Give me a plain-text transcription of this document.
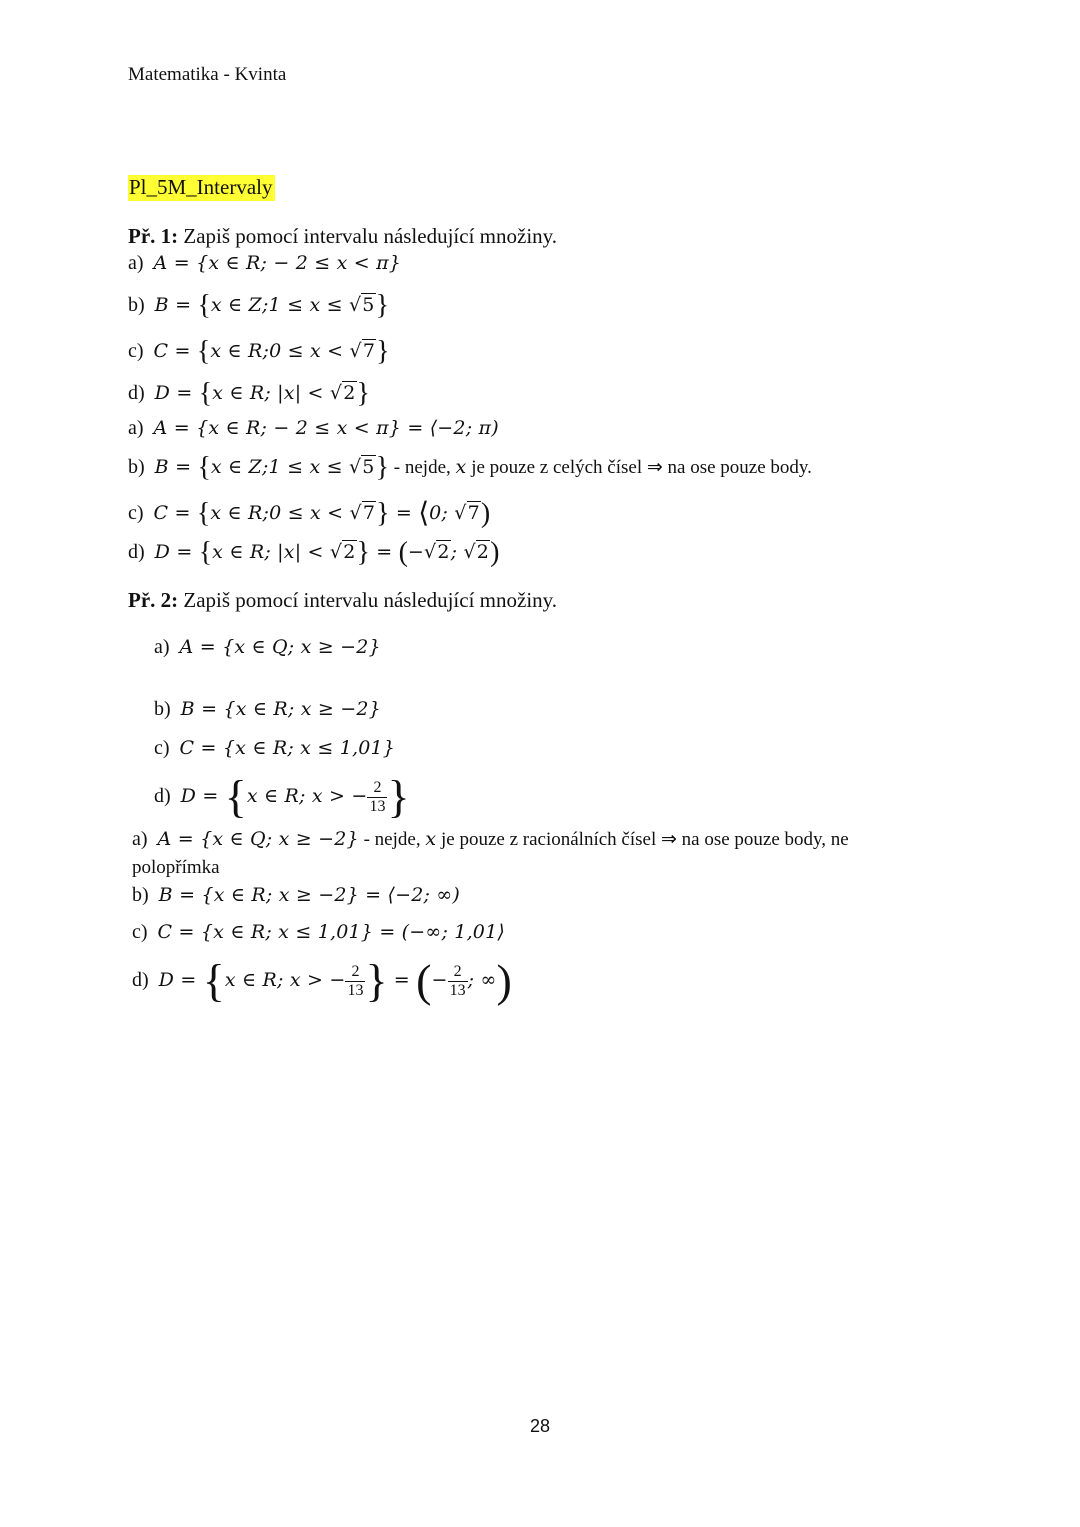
Matematika - Kvinta
Pl_5M_Intervaly
Př. 1: Zapiš pomocí intervalu následující množiny.
a) A = {x ∈ R; − 2 ≤ x < π}
b) B = {x ∈ Z;1 ≤ x ≤ √5}
c) C = {x ∈ R;0 ≤ x < √7}
d) D = {x ∈ R; |x| < √2}
a) A = {x ∈ R; − 2 ≤ x < π} = ⟨−2; π)
b) B = {x ∈ Z;1 ≤ x ≤ √5} - nejde, x je pouze z celých čísel ⇒ na ose pouze body.
c) C = {x ∈ R;0 ≤ x < √7} = ⟨0; √7)
d) D = {x ∈ R; |x| < √2} = (−√2; √2)
Př. 2: Zapiš pomocí intervalu následující množiny.
a) A = {x ∈ Q; x ≥ −2}
b) B = {x ∈ R; x ≥ −2}
c) C = {x ∈ R; x ≤ 1,01}
d) D = {x ∈ R; x > − $\frac{2}{13}$ }
a) A = {x ∈ Q; x ≥ −2} - nejde, x je pouze z racionálních čísel ⇒ na ose pouze body, ne
polopřímka
b) B = {x ∈ R; x ≥ −2} = ⟨−2; ∞)
c) C = {x ∈ R; x ≤ 1,01} = (−∞; 1,01⟩
d) D = {x ∈ R; x > − $\frac{2}{13}$ } = (− $\frac{2}{13}$ ; ∞)
28
